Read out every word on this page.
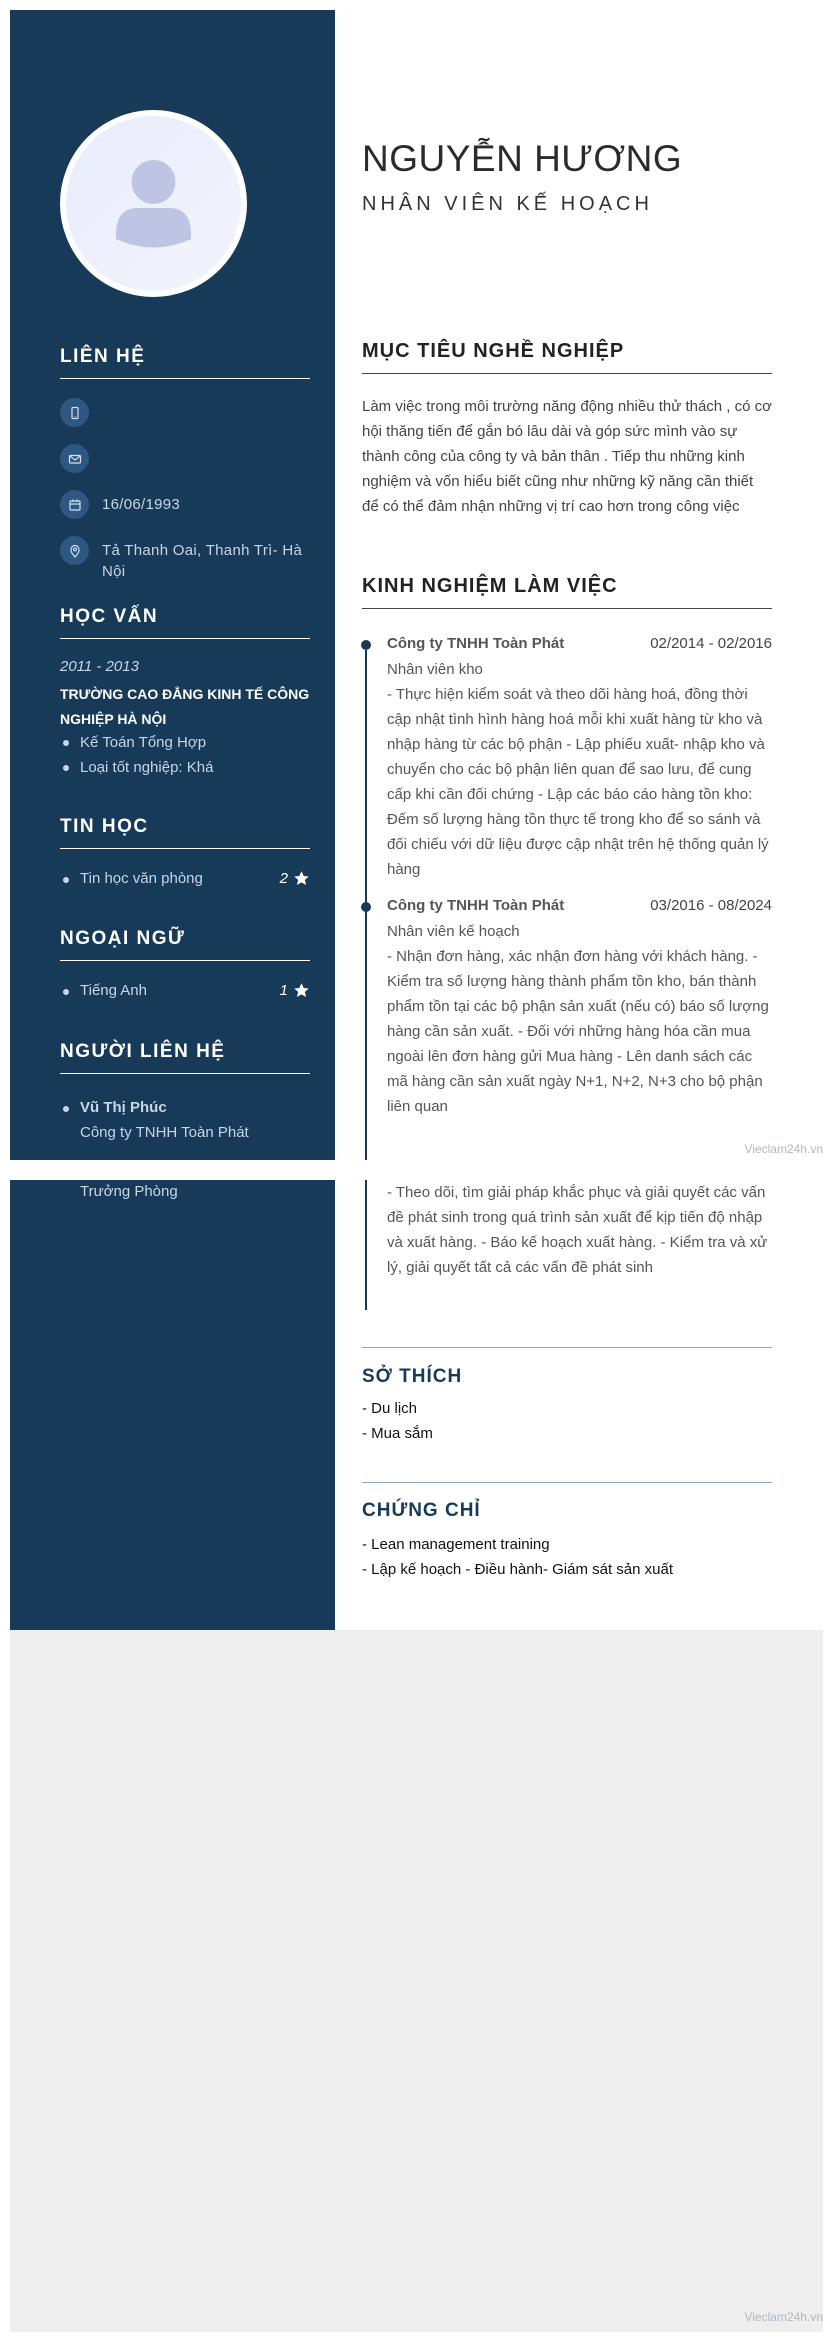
LIÊN HỆ
16/06/1993
Tả Thanh Oai, Thanh Trì- Hà Nội
HỌC VẤN
2011 - 2013
TRƯỜNG CAO ĐẲNG KINH TẾ CÔNG NGHIỆP HÀ NỘI
Kế Toán Tổng Hợp
Loại tốt nghiệp: Khá
TIN HỌC
Tin học văn phòng	2
NGOẠI NGỮ
Tiếng Anh	1
NGƯỜI LIÊN HỆ
Vũ Thị Phúc
Công ty TNHH Toàn Phát
NGUYỄN HƯƠNG
NHÂN VIÊN KẾ HOẠCH
MỤC TIÊU NGHỀ NGHIỆP
Làm việc trong môi trường năng động nhiều thử thách , có cơ hội thăng tiến để gắn bó lâu dài và góp sức mình vào sự thành công của công ty và bản thân . Tiếp thu những kinh nghiệm và vốn hiểu biết cũng như những kỹ năng cần thiết để có thể đảm nhận những vị trí cao hơn trong công việc
KINH NGHIỆM LÀM VIỆC
Công ty TNHH Toàn Phát	02/2014 - 02/2016
Nhân viên kho
- Thực hiện kiểm soát và theo dõi hàng hoá, đồng thời cập nhật tình hình hàng hoá mỗi khi xuất hàng từ kho và nhập hàng từ các bộ phận - Lập phiếu xuất- nhập kho và chuyển cho các bộ phận liên quan để sao lưu, để cung cấp khi cần đối chứng - Lập các báo cáo hàng tồn kho: Đếm số lượng hàng tồn thực tế trong kho để so sánh và đối chiếu với dữ liệu được cập nhật trên hệ thống quản lý hàng
Công ty TNHH Toàn Phát	03/2016 - 08/2024
Nhân viên kế hoạch
- Nhận đơn hàng, xác nhận đơn hàng với khách hàng. - Kiểm tra số lượng hàng thành phẩm tồn kho, bán thành phẩm tồn tại các bộ phận sản xuất (nếu có) báo số lượng hàng cần sản xuất. - Đối với những hàng hóa cần mua ngoài lên đơn hàng gửi Mua hàng - Lên danh sách các mã hàng cần sản xuất ngày N+1, N+2, N+3 cho bộ phận liên quan
Vieclam24h.vn
Trưởng Phòng	- Theo dõi, tìm giải pháp khắc phục và giải quyết các vấn đề phát sinh trong quá trình sản xuất để kịp tiến độ nhập và xuất hàng. - Báo kế hoạch xuất hàng. - Kiểm tra và xử lý, giải quyết tất cả các vấn đề phát sinh
SỞ THÍCH
- Du lịch
- Mua sắm
CHỨNG CHỈ
- Lean management training
- Lập kế hoạch - Điều hành- Giám sát sản xuất
Vieclam24h.vn
